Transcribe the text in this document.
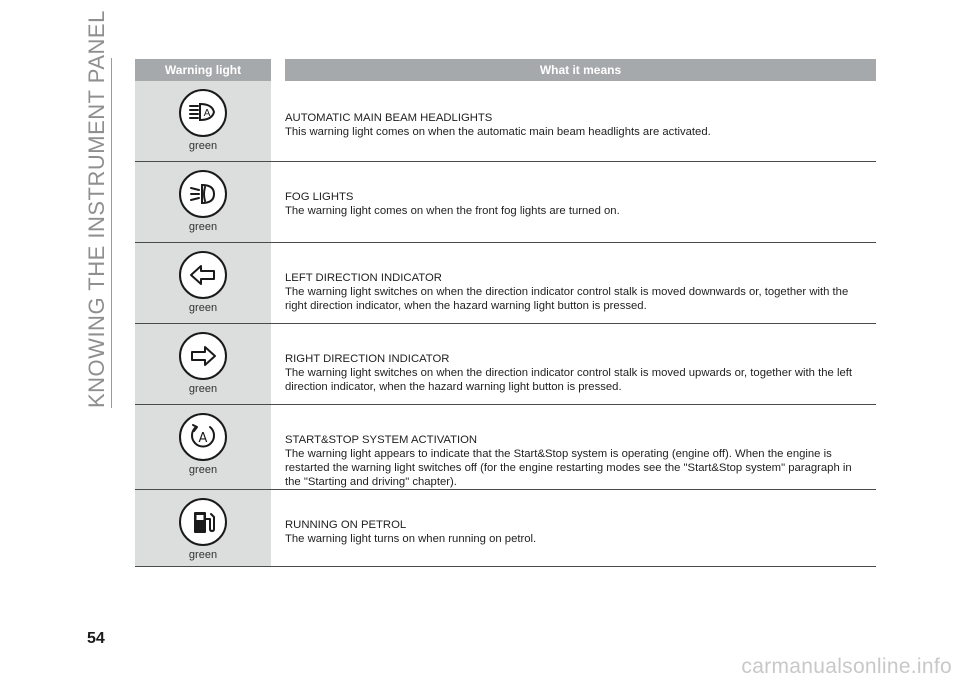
KNOWING THE INSTRUMENT PANEL	Warning light		What it means

A
green		AUTOMATIC MAIN BEAM HEADLIGHTS
This warning light comes on when the automatic main beam headlights are activated.

green		FOG LIGHTS
The warning light comes on when the front fog lights are turned on.

green		LEFT DIRECTION INDICATOR
The warning light switches on when the direction indicator control stalk is moved downwards or, together with the right direction indicator, when the hazard warning light button is pressed.

green		RIGHT DIRECTION INDICATOR
The warning light switches on when the direction indicator control stalk is moved upwards or, together with the left direction indicator, when the hazard warning light button is pressed.

A
green		START&STOP SYSTEM ACTIVATION
The warning light appears to indicate that the Start&Stop system is operating (engine off). When the engine is restarted the warning light switches off (for the engine restarting modes see the "Start&Stop system" paragraph in the "Starting and driving" chapter).

green		RUNNING ON PETROL
The warning light turns on when running on petrol.
54
carmanualsonline.info
